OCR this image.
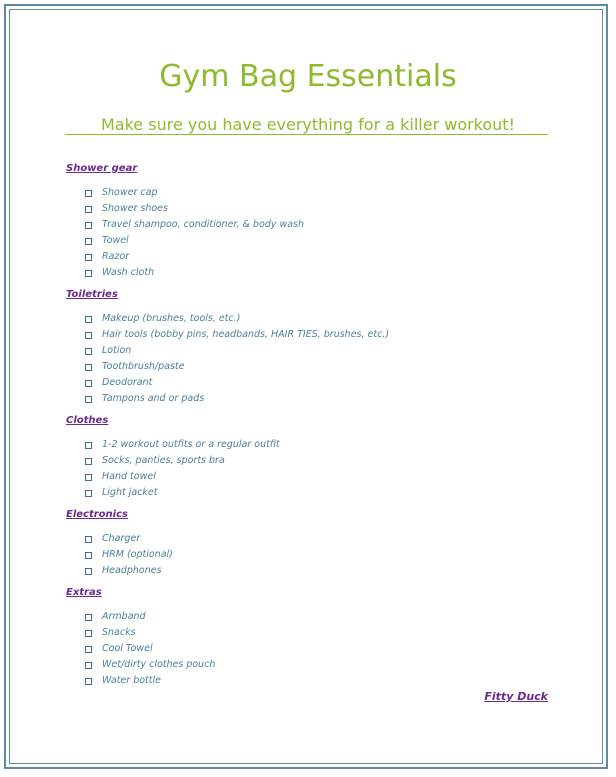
Gym Bag Essentials
Make sure you have everything for a killer workout!
Shower gear
Shower cap
Shower shoes
Travel shampoo, conditioner, & body wash
Towel
Razor
Wash cloth
Toiletries
Makeup (brushes, tools, etc.)
Hair tools (bobby pins, headbands, HAIR TIES, brushes, etc.)
Lotion
Toothbrush/paste
Deodorant
Tampons and or pads
Clothes
1-2 workout outfits or a regular outfit
Socks, panties, sports bra
Hand towel
Light jacket
Electronics
Charger
HRM (optional)
Headphones
Extras
Armband
Snacks
Cool Towel
Wet/dirty clothes pouch
Water bottle
Fitty Duck
